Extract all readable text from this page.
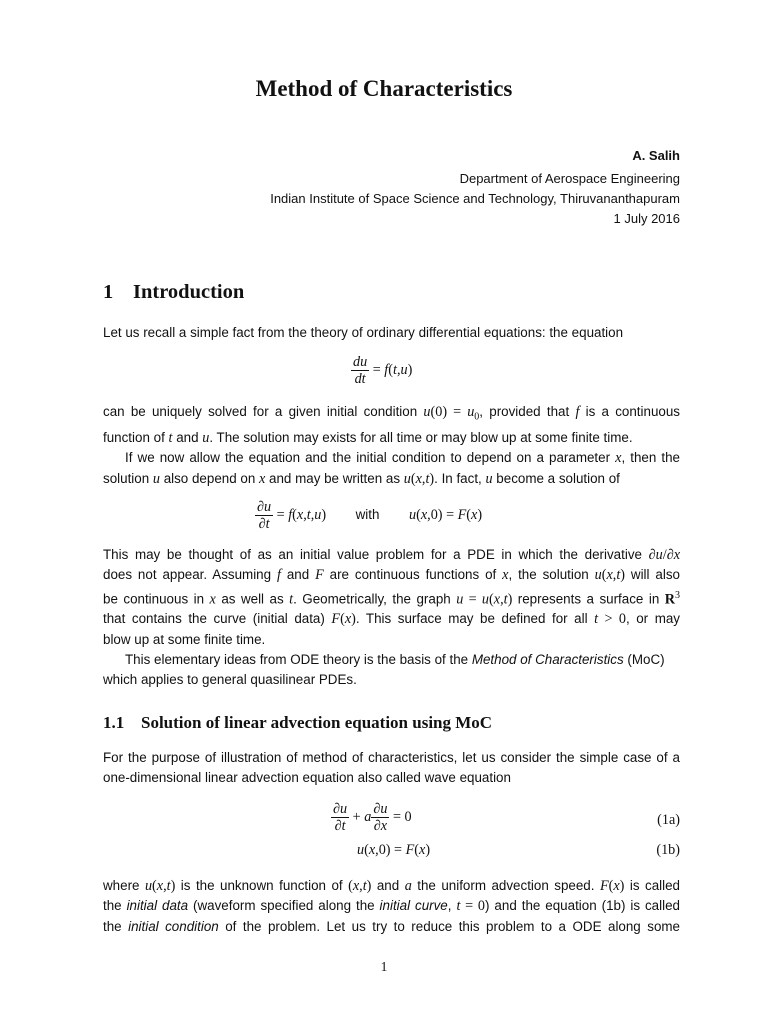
Method of Characteristics
A. Salih
Department of Aerospace Engineering
Indian Institute of Space Science and Technology, Thiruvananthapuram
1 July 2016
1 Introduction
Let us recall a simple fact from the theory of ordinary differential equations: the equation
$\frac{du}{dt} = f(t,u)$
can be uniquely solved for a given initial condition $u(0) = u_0$, provided that f is a continuous
function of t and u. The solution may exists for all time or may blow up at some finite time.
If we now allow the equation and the initial condition to depend on a parameter x, then the
solution u also depend on x and may be written as u(x,t). In fact, u become a solution of
$\frac{\partial u}{\partial t} = f(x,t,u)$ with u(x,0) = F(x)
This may be thought of as an initial value problem for a PDE in which the derivative ∂u/∂x
does not appear. Assuming f and F are continuous functions of x, the solution u(x,t) will also
be continuous in x as well as t. Geometrically, the graph u = u(x,t) represents a surface in $R^3$
that contains the curve (initial data) F(x). This surface may be defined for all t > 0, or may
blow up at some finite time.
This elementary ideas from ODE theory is the basis of the Method of Characteristics (MoC)
which applies to general quasilinear PDEs.
1.1 Solution of linear advection equation using MoC
For the purpose of illustration of method of characteristics, let us consider the simple case of a
one-dimensional linear advection equation also called wave equation
$\frac{\partial u}{\partial t} + a \frac{\partial u}{\partial x} = 0$	(1a)
u(x,0) = F(x)	(1b)
where u(x,t) is the unknown function of (x,t) and a the uniform advection speed. F(x) is called
the initial data (waveform specified along the initial curve, t = 0) and the equation (1b) is called
the initial condition of the problem. Let us try to reduce this problem to a ODE along some
1
